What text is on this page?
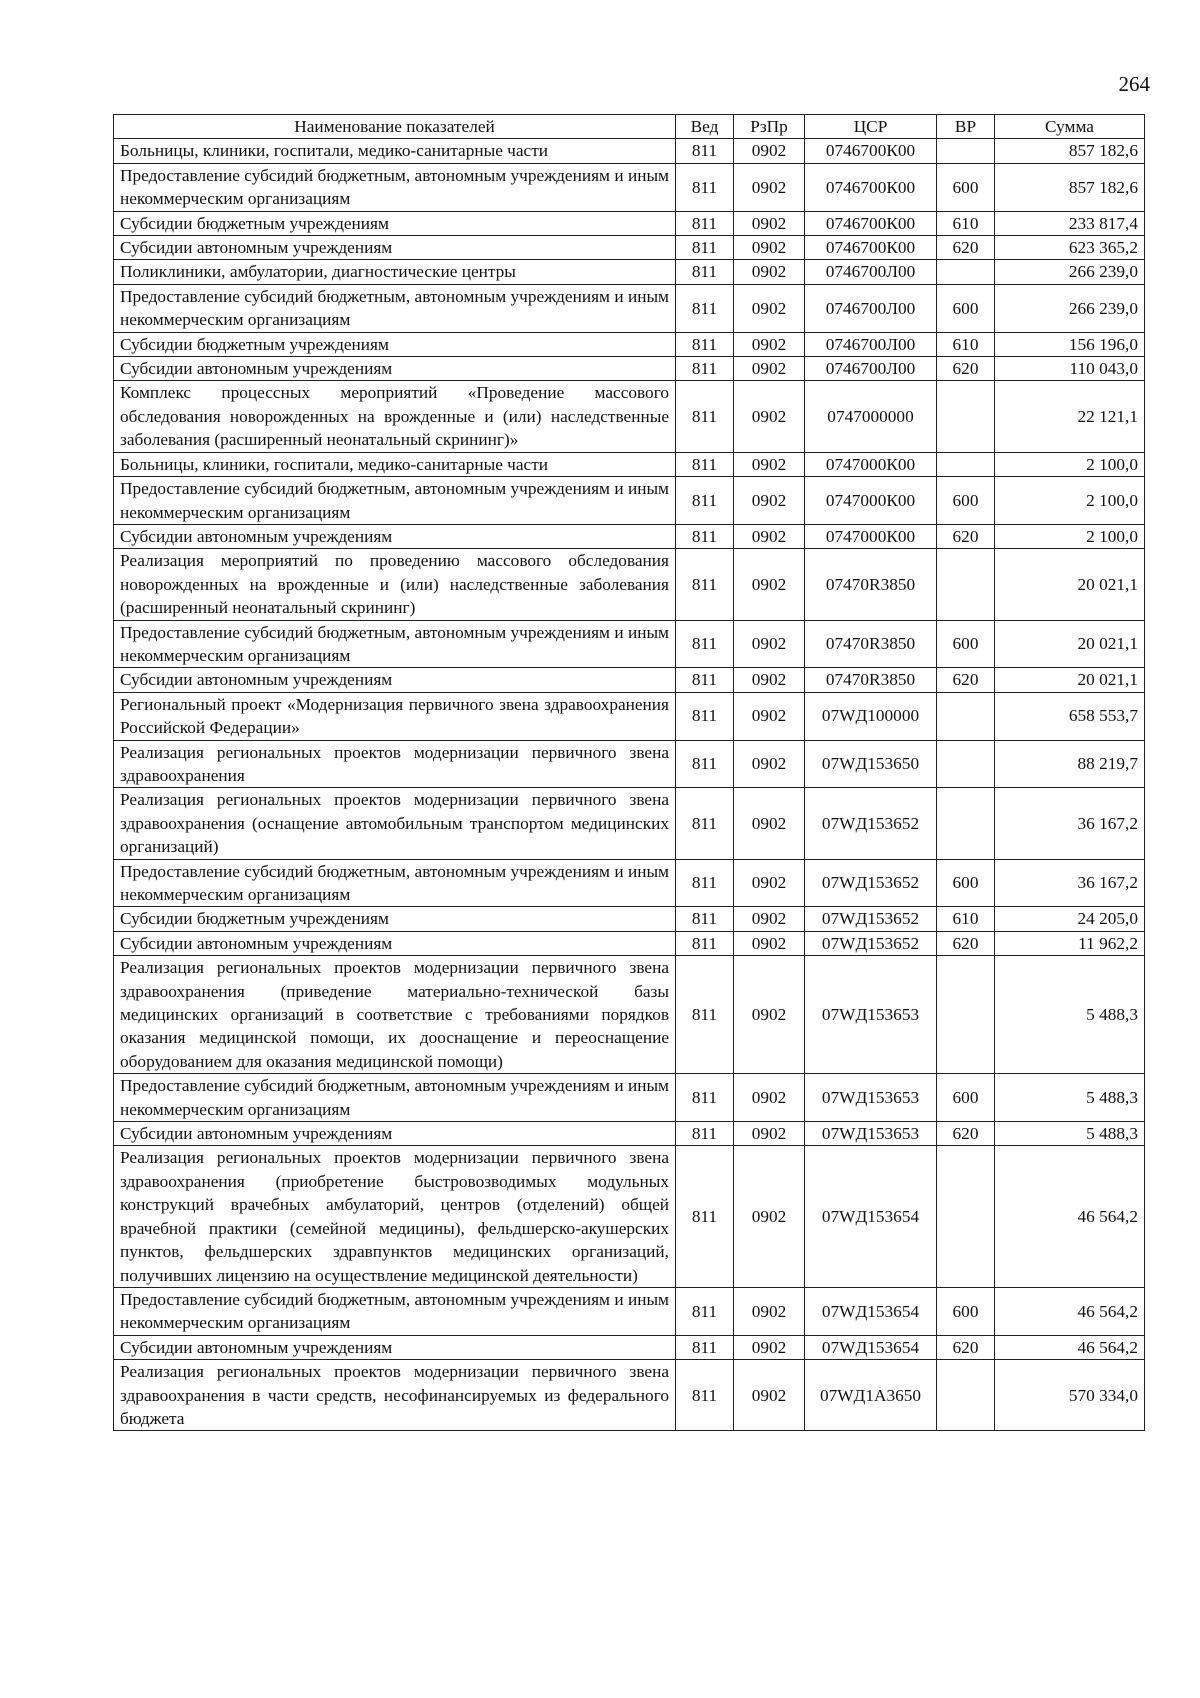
264
Наименование показателей	Вед	РзПр	ЦСР	ВР	Сумма
Больницы, клиники, госпитали, медико-санитарные части	811	0902	0746700К00		857 182,6
Предоставление субсидий бюджетным, автономным учреждениям и иным некоммерческим организациям	811	0902	0746700К00	600	857 182,6
Субсидии бюджетным учреждениям	811	0902	0746700К00	610	233 817,4
Субсидии автономным учреждениям	811	0902	0746700К00	620	623 365,2
Поликлиники, амбулатории, диагностические центры	811	0902	0746700Л00		266 239,0
Предоставление субсидий бюджетным, автономным учреждениям и иным некоммерческим организациям	811	0902	0746700Л00	600	266 239,0
Субсидии бюджетным учреждениям	811	0902	0746700Л00	610	156 196,0
Субсидии автономным учреждениям	811	0902	0746700Л00	620	110 043,0
Комплекс процессных мероприятий «Проведение массового обследования новорожденных на врожденные и (или) наследственные заболевания (расширенный неонатальный скрининг)»	811	0902	0747000000		22 121,1
Больницы, клиники, госпитали, медико-санитарные части	811	0902	0747000К00		2 100,0
Предоставление субсидий бюджетным, автономным учреждениям и иным некоммерческим организациям	811	0902	0747000К00	600	2 100,0
Субсидии автономным учреждениям	811	0902	0747000К00	620	2 100,0
Реализация мероприятий по проведению массового обследования новорожденных на врожденные и (или) наследственные заболевания (расширенный неонатальный скрининг)	811	0902	07470R3850		20 021,1
Предоставление субсидий бюджетным, автономным учреждениям и иным некоммерческим организациям	811	0902	07470R3850	600	20 021,1
Субсидии автономным учреждениям	811	0902	07470R3850	620	20 021,1
Региональный проект «Модернизация первичного звена здравоохранения Российской Федерации»	811	0902	07WД100000		658 553,7
Реализация региональных проектов модернизации первичного звена здравоохранения	811	0902	07WД153650		88 219,7
Реализация региональных проектов модернизации первичного звена здравоохранения (оснащение автомобильным транспортом медицинских организаций)	811	0902	07WД153652		36 167,2
Предоставление субсидий бюджетным, автономным учреждениям и иным некоммерческим организациям	811	0902	07WД153652	600	36 167,2
Субсидии бюджетным учреждениям	811	0902	07WД153652	610	24 205,0
Субсидии автономным учреждениям	811	0902	07WД153652	620	11 962,2
Реализация региональных проектов модернизации первичного звена здравоохранения (приведение материально-технической базы медицинских организаций в соответствие с требованиями порядков оказания медицинской помощи, их дооснащение и переоснащение оборудованием для оказания медицинской помощи)	811	0902	07WД153653		5 488,3
Предоставление субсидий бюджетным, автономным учреждениям и иным некоммерческим организациям	811	0902	07WД153653	600	5 488,3
Субсидии автономным учреждениям	811	0902	07WД153653	620	5 488,3
Реализация региональных проектов модернизации первичного звена здравоохранения (приобретение быстровозводимых модульных конструкций врачебных амбулаторий, центров (отделений) общей врачебной практики (семейной медицины), фельдшерско-акушерских пунктов, фельдшерских здравпунктов медицинских организаций, получивших лицензию на осуществление медицинской деятельности)	811	0902	07WД153654		46 564,2
Предоставление субсидий бюджетным, автономным учреждениям и иным некоммерческим организациям	811	0902	07WД153654	600	46 564,2
Субсидии автономным учреждениям	811	0902	07WД153654	620	46 564,2
Реализация региональных проектов модернизации первичного звена здравоохранения в части средств, несофинансируемых из федерального бюджета	811	0902	07WД1А3650		570 334,0
